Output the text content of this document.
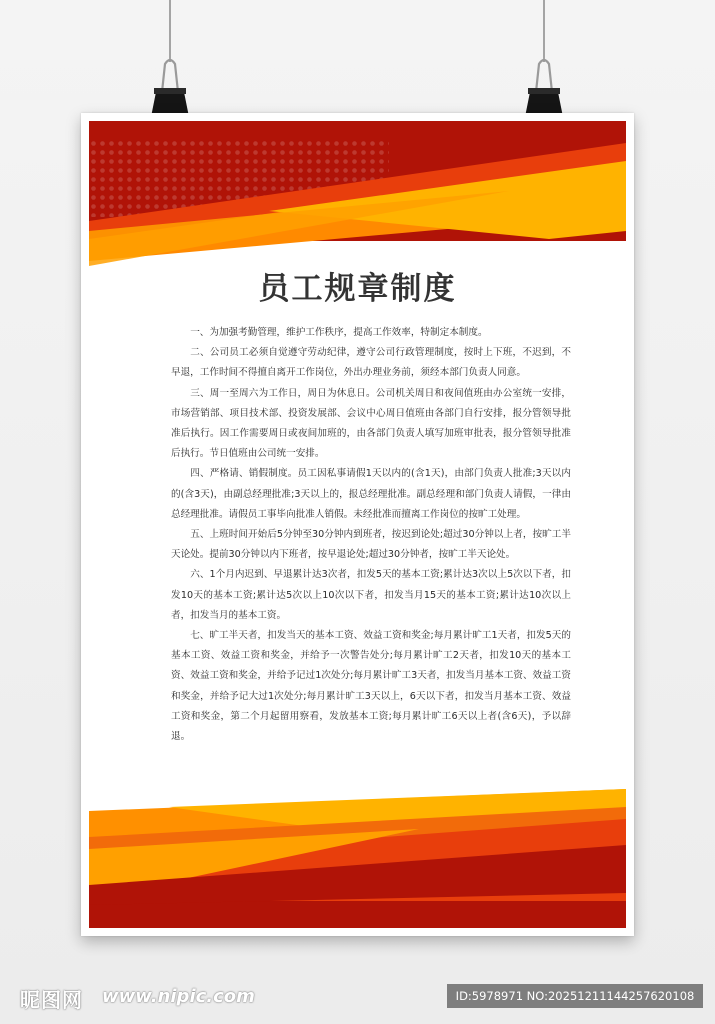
员工规章制度

一、为加强考勤管理，维护工作秩序，提高工作效率，特制定本制度。

二、公司员工必须自觉遵守劳动纪律，遵守公司行政管理制度，按时上下班，不迟到，不早退，工作时间不得擅自离开工作岗位，外出办理业务前，须经本部门负责人同意。

三、周一至周六为工作日，周日为休息日。公司机关周日和夜间值班由办公室统一安排，市场营销部、项目技术部、投资发展部、会议中心周日值班由各部门自行安排，报分管领导批准后执行。因工作需要周日或夜间加班的，由各部门负责人填写加班审批表，报分管领导批准后执行。节日值班由公司统一安排。

四、严格请、销假制度。员工因私事请假1天以内的(含1天)，由部门负责人批准;3天以内的(含3天)，由副总经理批准;3天以上的，报总经理批准。副总经理和部门负责人请假，一律由总经理批准。请假员工事毕向批准人销假。未经批准而擅离工作岗位的按旷工处理。

五、上班时间开始后5分钟至30分钟内到班者，按迟到论处;超过30分钟以上者，按旷工半天论处。提前30分钟以内下班者，按早退论处;超过30分钟者，按旷工半天论处。

六、1个月内迟到、早退累计达3次者，扣发5天的基本工资;累计达3次以上5次以下者，扣发10天的基本工资;累计达5次以上10次以下者，扣发当月15天的基本工资;累计达10次以上者，扣发当月的基本工资。

七、旷工半天者，扣发当天的基本工资、效益工资和奖金;每月累计旷工1天者，扣发5天的基本工资、效益工资和奖金，并给予一次警告处分;每月累计旷工2天者，扣发10天的基本工资、效益工资和奖金，并给予记过1次处分;每月累计旷工3天者，扣发当月基本工资、效益工资和奖金，并给予记大过1次处分;每月累计旷工3天以上，6天以下者，扣发当月基本工资、效益工资和奖金，第二个月起留用察看，发放基本工资;每月累计旷工6天以上者(含6天)，予以辞退。

昵图网 www.nipic.com	ID:5978971 NO:20251211144257620108
